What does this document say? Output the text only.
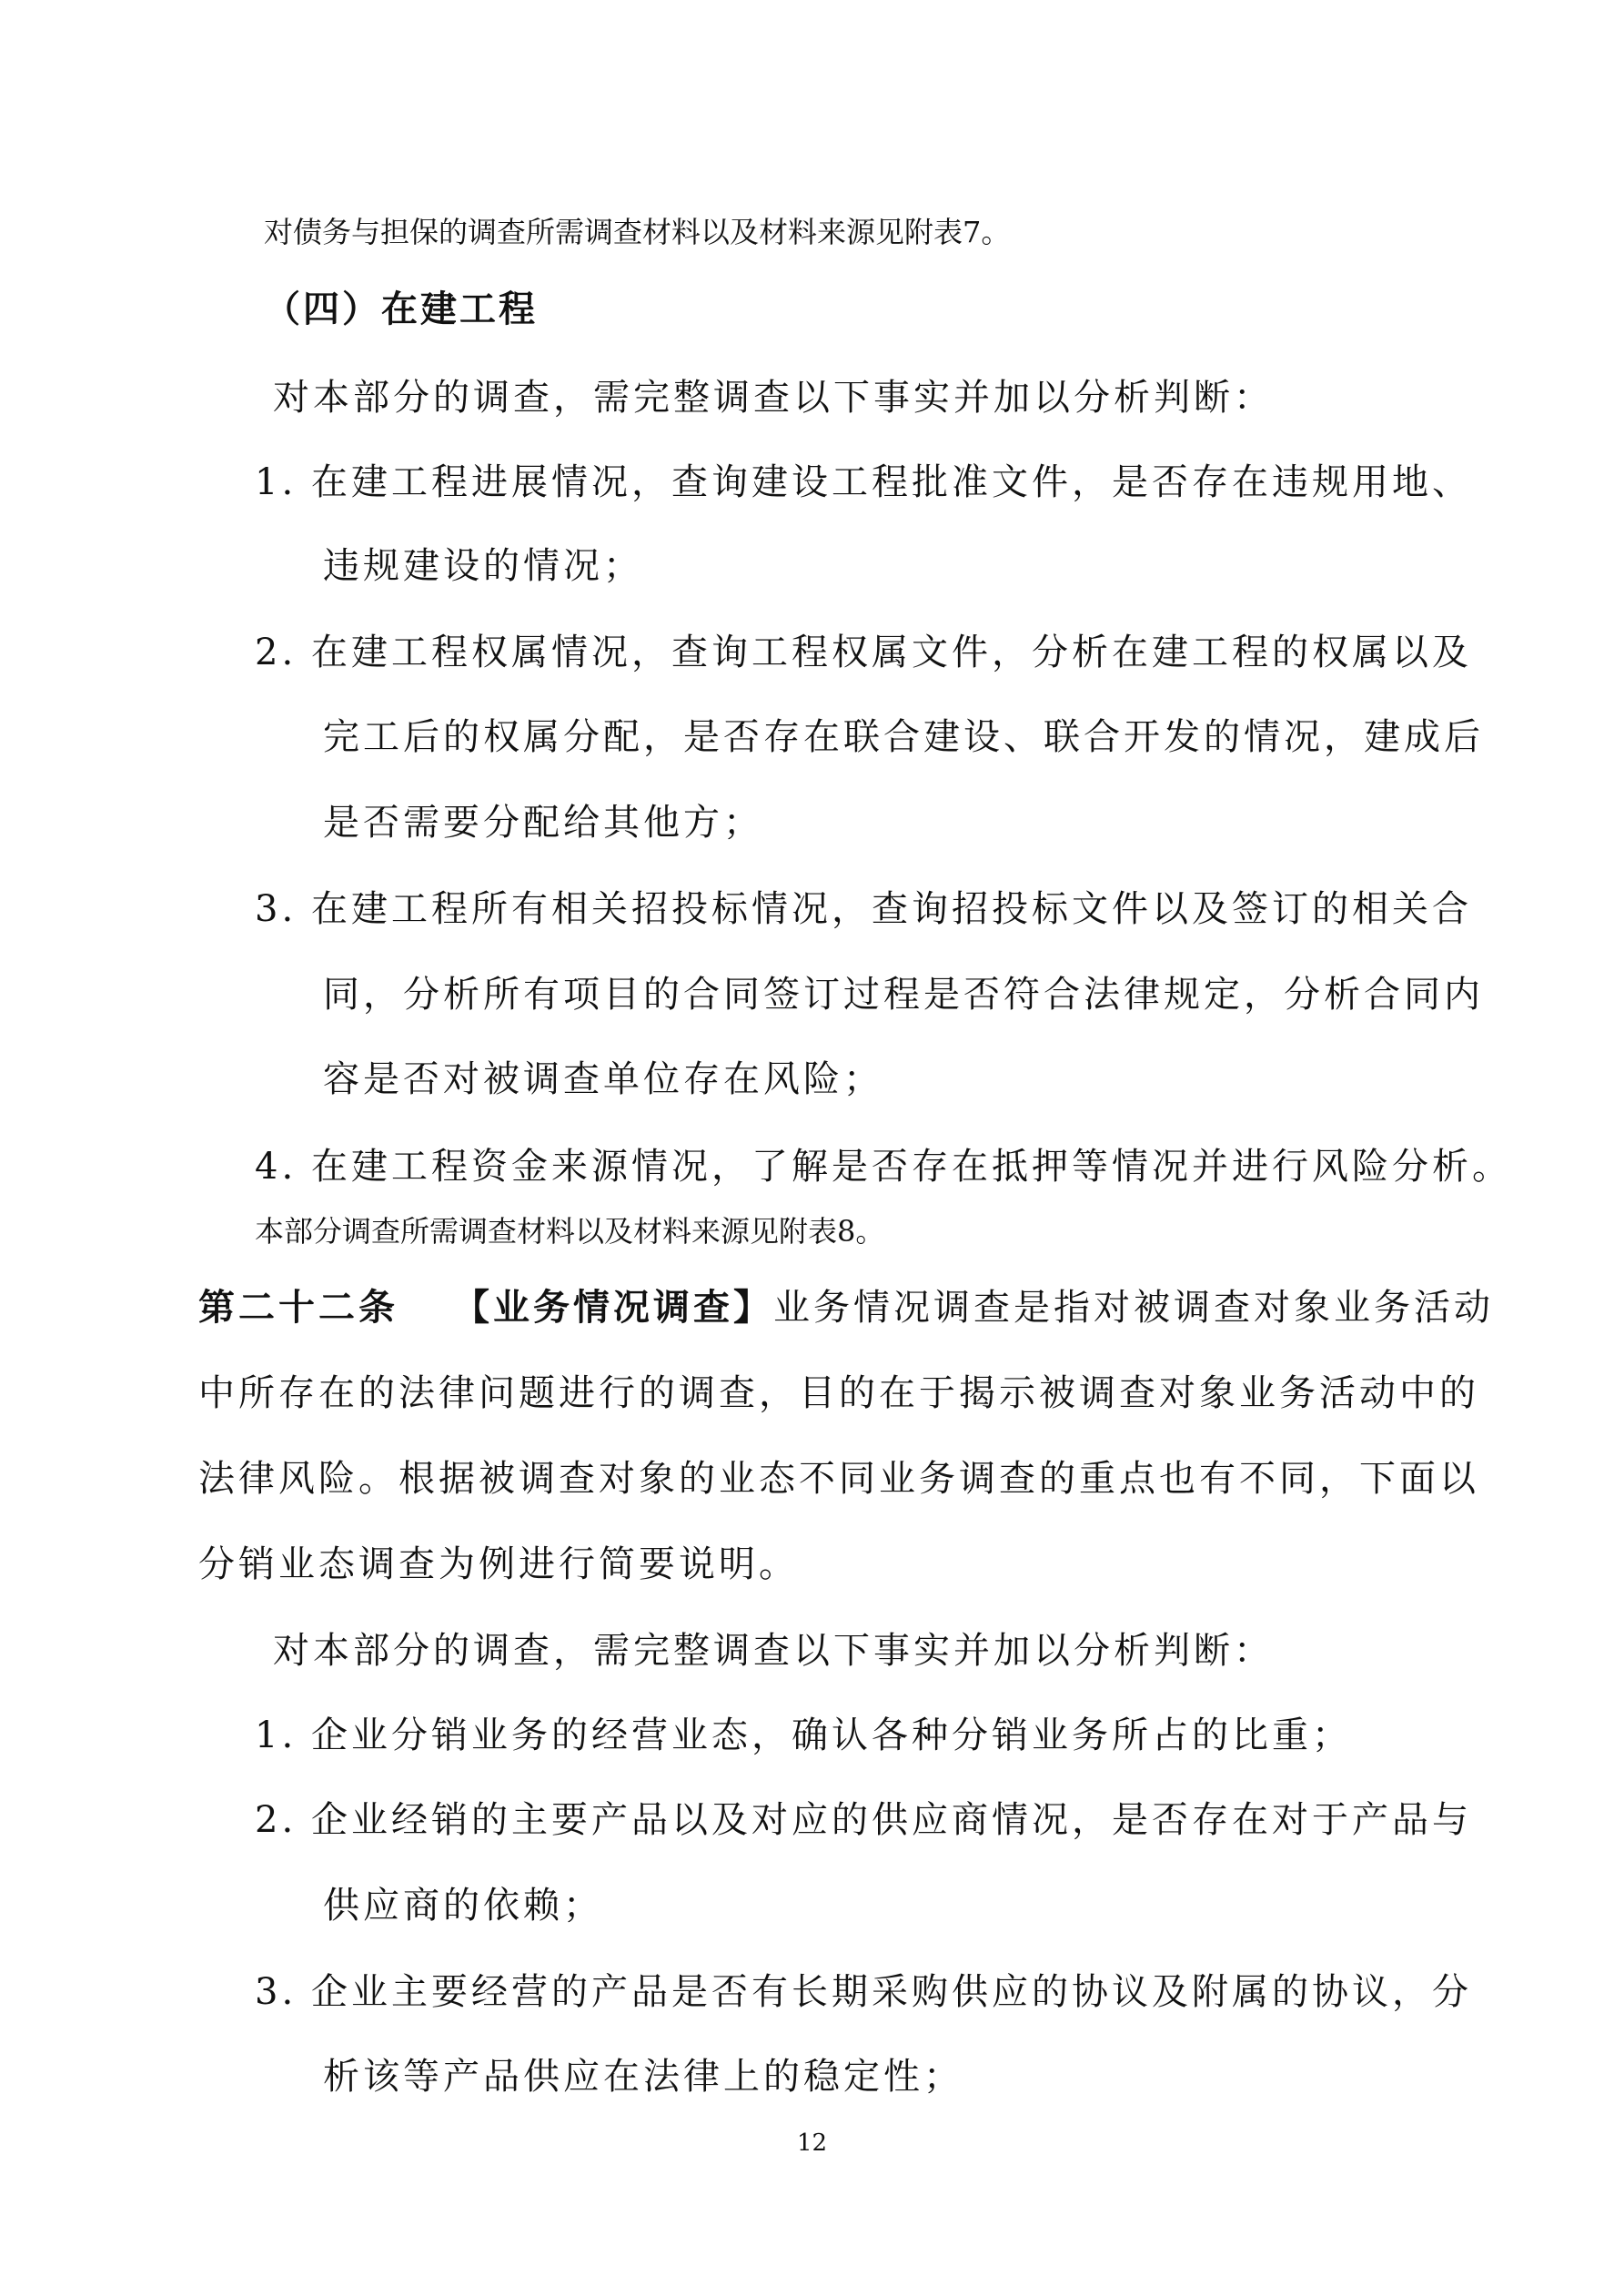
对债务与担保的调查所需调查材料以及材料来源见附表7。
（四）在建工程
对本部分的调查，需完整调查以下事实并加以分析判断：
1. 在建工程进展情况，查询建设工程批准文件，是否存在违规用地、
违规建设的情况；
2. 在建工程权属情况，查询工程权属文件，分析在建工程的权属以及
完工后的权属分配，是否存在联合建设、联合开发的情况，建成后
是否需要分配给其他方；
3. 在建工程所有相关招投标情况，查询招投标文件以及签订的相关合
同，分析所有项目的合同签订过程是否符合法律规定，分析合同内
容是否对被调查单位存在风险；
4. 在建工程资金来源情况，了解是否存在抵押等情况并进行风险分析。
本部分调查所需调查材料以及材料来源见附表8。
第二十二条 【业务情况调查】业务情况调查是指对被调查对象业务活动
中所存在的法律问题进行的调查，目的在于揭示被调查对象业务活动中的
法律风险。根据被调查对象的业态不同业务调查的重点也有不同，下面以
分销业态调查为例进行简要说明。
对本部分的调查，需完整调查以下事实并加以分析判断：
1. 企业分销业务的经营业态，确认各种分销业务所占的比重；
2. 企业经销的主要产品以及对应的供应商情况，是否存在对于产品与
供应商的依赖；
3. 企业主要经营的产品是否有长期采购供应的协议及附属的协议，分
析该等产品供应在法律上的稳定性；
12
